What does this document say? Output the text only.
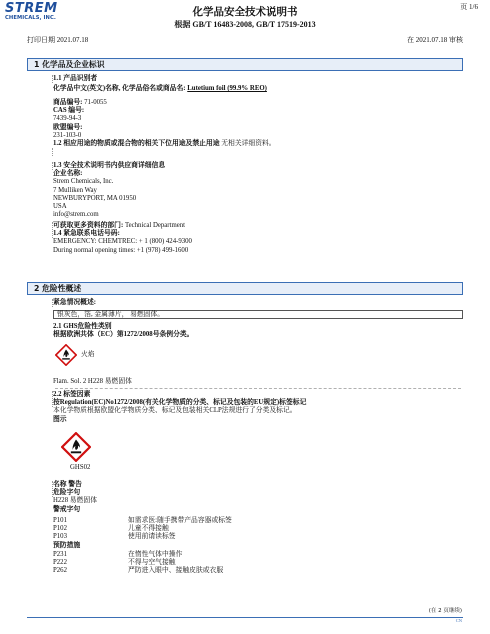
STREM
CHEMICALS, INC.	化学品安全技术说明书
根据 GB/T 16483-2008, GB/T 17519-2013
页 1/6
打印日期 2021.07.18	在 2021.07.18 审核
1 化学品及企业标识
1.1 产品识别者
化学品中文(英文)名称, 化学品俗名或商品名: Lutetium foil (99.9% REO)
商品编号: 71-0055
CAS 编号:
7439-94-3
欧盟编号:
231-103-0
1.2 相应用途的物质或混合物的相关下位用途及禁止用途 无相关详细资料。
1.3 安全技术说明书内供应商详细信息
企业名称:
Strem Chemicals, Inc.
7 Mulliken Way
NEWBURYPORT, MA 01950
USA
info@strem.com
可获取更多资料的部门: Technical Department
1.4 紧急联系电话号码:
EMERGENCY: CHEMTREC: + 1 (800) 424-9300
During normal opening times: +1 (978) 499-1600
2 危险性概述
紧急情况概述:
银灰色，箔, 金属薄片， 易燃固体。
2.1 GHS危险性类别
根据欧洲共体（EC）第1272/2008号条例分类。
火焰
Flam. Sol. 2 H228 易燃固体
2.2 标签因素
按Regulation(EC)No1272/2008(有关化学物质的分类、标记及包装的EU规定)标签标记
本化学物质根据欧盟化学物质分类、标记及包装相关CLP法规进行了分类及标记。
图示
GHS02
名称 警告
危险字句
H228 易燃固体
警戒字句
P101	如需求医:随手携带产品容器或标签
P102	儿童不得接触
P103	使用前请读标签
预防措施
P231	在惰性气体中操作
P222	不得与空气接触
P262	严防进入眼中、接触皮肤或衣服
(在 2 页继续)
CN
